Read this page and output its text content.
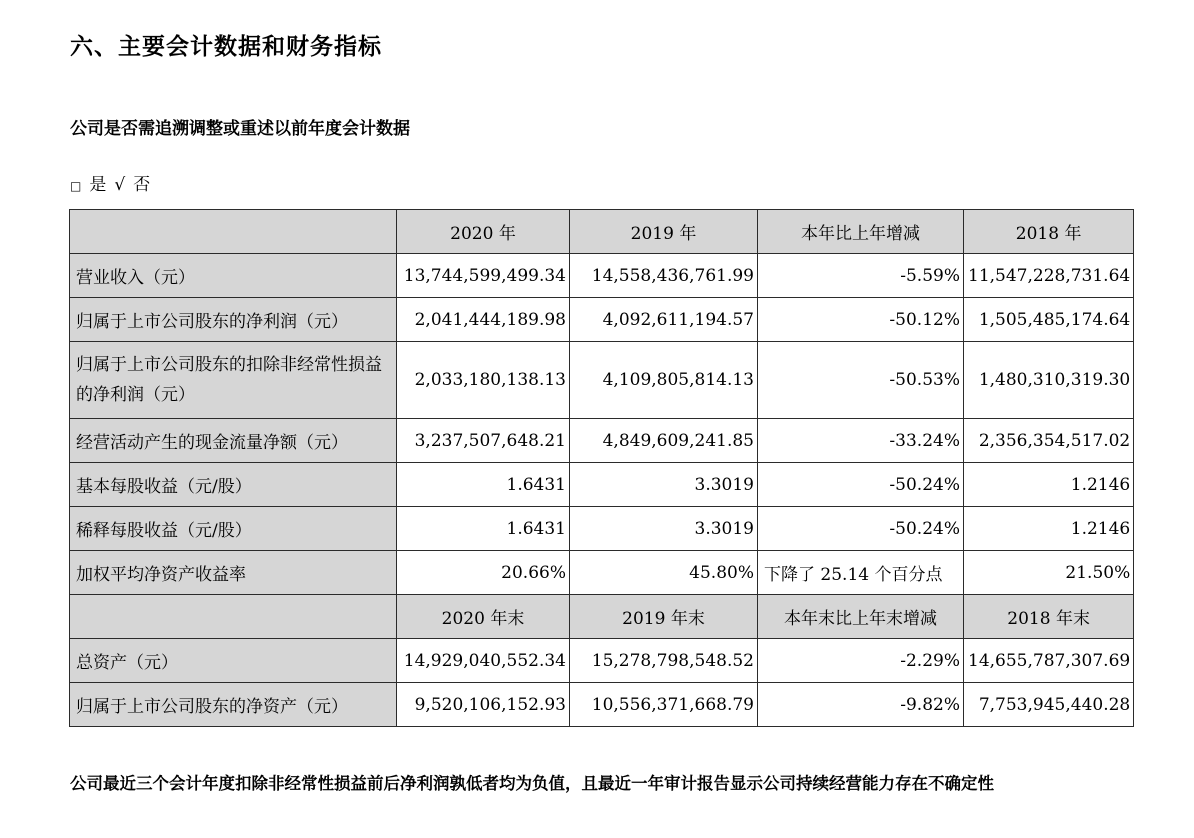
六、主要会计数据和财务指标
公司是否需追溯调整或重述以前年度会计数据
□ 是 √ 否
	2020 年	2019 年	本年比上年增减	2018 年
营业收入（元）	13,744,599,499.34	14,558,436,761.99	-5.59%	11,547,228,731.64
归属于上市公司股东的净利润（元）	2,041,444,189.98	4,092,611,194.57	-50.12%	1,505,485,174.64
归属于上市公司股东的扣除非经常性损益的净利润（元）	2,033,180,138.13	4,109,805,814.13	-50.53%	1,480,310,319.30
经营活动产生的现金流量净额（元）	3,237,507,648.21	4,849,609,241.85	-33.24%	2,356,354,517.02
基本每股收益（元/股）	1.6431	3.3019	-50.24%	1.2146
稀释每股收益（元/股）	1.6431	3.3019	-50.24%	1.2146
加权平均净资产收益率	20.66%	45.80%	下降了 25.14 个百分点	21.50%
	2020 年末	2019 年末	本年末比上年末增减	2018 年末
总资产（元）	14,929,040,552.34	15,278,798,548.52	-2.29%	14,655,787,307.69
归属于上市公司股东的净资产（元）	9,520,106,152.93	10,556,371,668.79	-9.82%	7,753,945,440.28
公司最近三个会计年度扣除非经常性损益前后净利润孰低者均为负值，且最近一年审计报告显示公司持续经营能力存在不确定性
